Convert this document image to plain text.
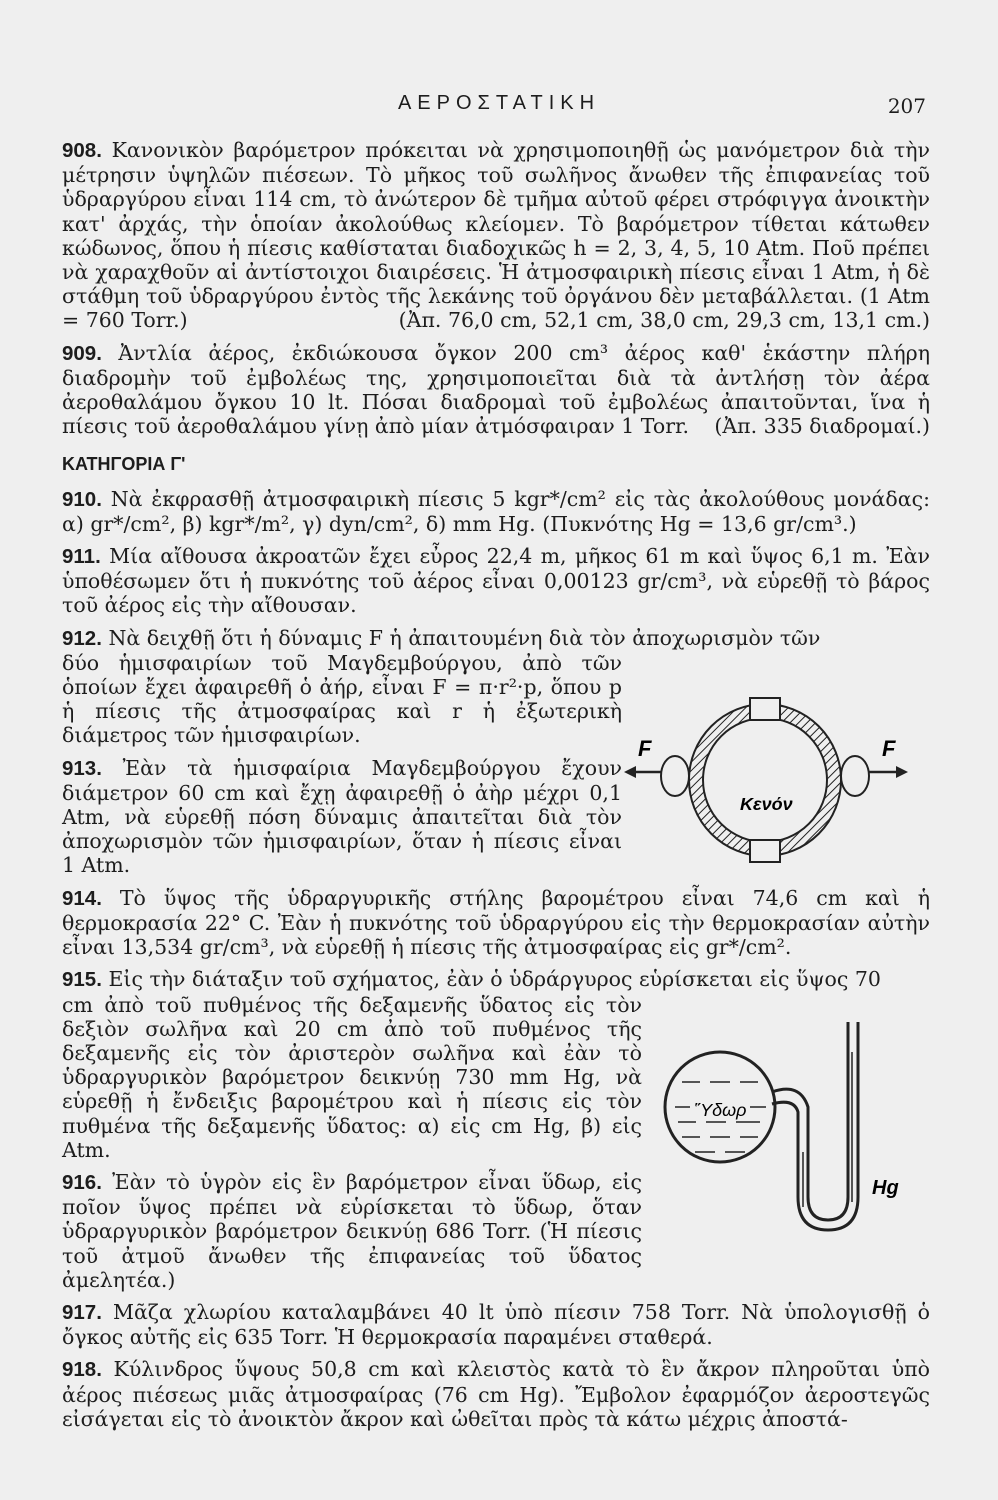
ΑΕΡΟΣΤΑΤΙΚΗ	207

908. Κανονικὸν βαρόμετρον πρόκειται νὰ χρησιμοποιηθῇ ὡς μανόμετρον διὰ τὴν μέτρησιν ὑψηλῶν πιέσεων. Τὸ μῆκος τοῦ σωλῆνος ἄνωθεν τῆς ἐπιφανείας τοῦ ὑδραργύρου εἶναι 114 cm, τὸ ἀνώτερον δὲ τμῆμα αὐτοῦ φέρει στρόφιγγα ἀνοικτὴν κατ' ἀρχάς, τὴν ὁποίαν ἀκολούθως κλείομεν. Τὸ βαρόμετρον τίθεται κάτωθεν κώδωνος, ὅπου ἡ πίεσις καθίσταται διαδοχικῶς h = 2, 3, 4, 5, 10 Atm. Ποῦ πρέπει νὰ χαραχθοῦν αἱ ἀντίστοιχοι διαιρέσεις. Ἡ ἀτμοσφαιρικὴ πίεσις εἶναι 1 Atm, ἡ δὲ στάθμη τοῦ ὑδραργύρου ἐντὸς τῆς λεκάνης τοῦ ὀργάνου δὲν μεταβάλλεται. (1 Atm = 760 Torr.)	(Ἀπ. 76,0 cm, 52,1 cm, 38,0 cm, 29,3 cm, 13,1 cm.)

909. Ἀντλία ἀέρος, ἐκδιώκουσα ὄγκον 200 cm³ ἀέρος καθ' ἑκάστην πλήρη διαδρομὴν τοῦ ἐμβολέως της, χρησιμοποιεῖται διὰ τὰ ἀντλήσῃ τὸν ἀέρα ἀεροθαλάμου ὄγκου 10 lt. Πόσαι διαδρομαὶ τοῦ ἐμβολέως ἀπαιτοῦνται, ἵνα ἡ πίεσις τοῦ ἀεροθαλάμου γίνῃ ἀπὸ μίαν ἀτμόσφαιραν 1 Torr. (Ἀπ. 335 διαδρομαί.)

ΚΑΤΗΓΟΡΙΑ Γ'

910. Νὰ ἐκφρασθῇ ἀτμοσφαιρικὴ πίεσις 5 kgr*/cm² εἰς τὰς ἀκολούθους μονάδας: α) gr*/cm², β) kgr*/m², γ) dyn/cm², δ) mm Hg. (Πυκνότης Hg = 13,6 gr/cm³.)

911. Μία αἴθουσα ἀκροατῶν ἔχει εὖρος 22,4 m, μῆκος 61 m καὶ ὕψος 6,1 m. Ἐὰν ὑποθέσωμεν ὅτι ἡ πυκνότης τοῦ ἀέρος εἶναι 0,00123 gr/cm³, νὰ εὑρεθῇ τὸ βάρος τοῦ ἀέρος εἰς τὴν αἴθουσαν.

912. Νὰ δειχθῇ ὅτι ἡ δύναμις F ἡ ἀπαιτουμένη διὰ τὸν ἀποχωρισμὸν τῶν

δύο ἡμισφαιρίων τοῦ Μαγδεμβούργου, ἀπὸ τῶν ὁποίων ἔχει ἀφαιρεθῆ ὁ ἀήρ, εἶναι F = π·r²·p, ὅπου p ἡ πίεσις τῆς ἀτμοσφαίρας καὶ r ἡ ἐξωτερικὴ διάμετρος τῶν ἡμισφαιρίων.

913. Ἐὰν τὰ ἡμισφαίρια Μαγδεμβούργου ἔχουν διάμετρον 60 cm καὶ ἔχῃ ἀφαιρεθῇ ὁ ἀὴρ μέχρι 0,1 Atm, νὰ εὑρεθῇ πόση δύναμις ἀπαιτεῖται διὰ τὸν ἀποχωρισμὸν τῶν ἡμισφαιρίων, ὅταν ἡ πίεσις εἶναι 1 Atm.

914. Τὸ ὕψος τῆς ὑδραργυρικῆς στήλης βαρομέτρου εἶναι 74,6 cm καὶ ἡ θερμοκρασία 22° C. Ἐὰν ἡ πυκνότης τοῦ ὑδραργύρου εἰς τὴν θερμοκρασίαν αὐτὴν εἶναι 13,534 gr/cm³, νὰ εὑρεθῇ ἡ πίεσις τῆς ἀτμοσφαίρας εἰς gr*/cm².

915. Εἰς τὴν διάταξιν τοῦ σχήματος, ἐὰν ὁ ὑδράργυρος εὑρίσκεται εἰς ὕψος 70

cm ἀπὸ τοῦ πυθμένος τῆς δεξαμενῆς ὕδατος εἰς τὸν δεξιὸν σωλῆνα καὶ 20 cm ἀπὸ τοῦ πυθμένος τῆς δεξαμενῆς εἰς τὸν ἀριστερὸν σωλῆνα καὶ ἐὰν τὸ ὑδραργυρικὸν βαρόμετρον δεικνύῃ 730 mm Hg, νὰ εὑρεθῇ ἡ ἔνδειξις βαρομέτρου καὶ ἡ πίεσις εἰς τὸν πυθμένα τῆς δεξαμενῆς ὕδατος: α) εἰς cm Hg, β) εἰς Atm.

916. Ἐὰν τὸ ὑγρὸν εἰς ἓν βαρόμετρον εἶναι ὕδωρ, εἰς ποῖον ὕψος πρέπει νὰ εὑρίσκεται τὸ ὕδωρ, ὅταν ὑδραργυρικὸν βαρόμετρον δεικνύῃ 686 Torr. (Ἡ πίεσις τοῦ ἀτμοῦ ἄνωθεν τῆς ἐπιφανείας τοῦ ὕδατος ἀμελητέα.)

917. Μᾶζα χλωρίου καταλαμβάνει 40 lt ὑπὸ πίεσιν 758 Torr. Νὰ ὑπολογισθῇ ὁ ὄγκος αὐτῆς εἰς 635 Torr. Ἡ θερμοκρασία παραμένει σταθερά.

918. Κύλινδρος ὕψους 50,8 cm καὶ κλειστὸς κατὰ τὸ ἓν ἄκρον πληροῦται ὑπὸ ἀέρος πιέσεως μιᾶς ἀτμοσφαίρας (76 cm Hg). Ἔμβολον ἐφαρμόζον ἀεροστεγῶς εἰσάγεται εἰς τὸ ἀνοικτὸν ἄκρον καὶ ὠθεῖται πρὸς τὰ κάτω μέχρις ἀποστά-

F	F
Κενόν
Ὕδωρ
Hg
